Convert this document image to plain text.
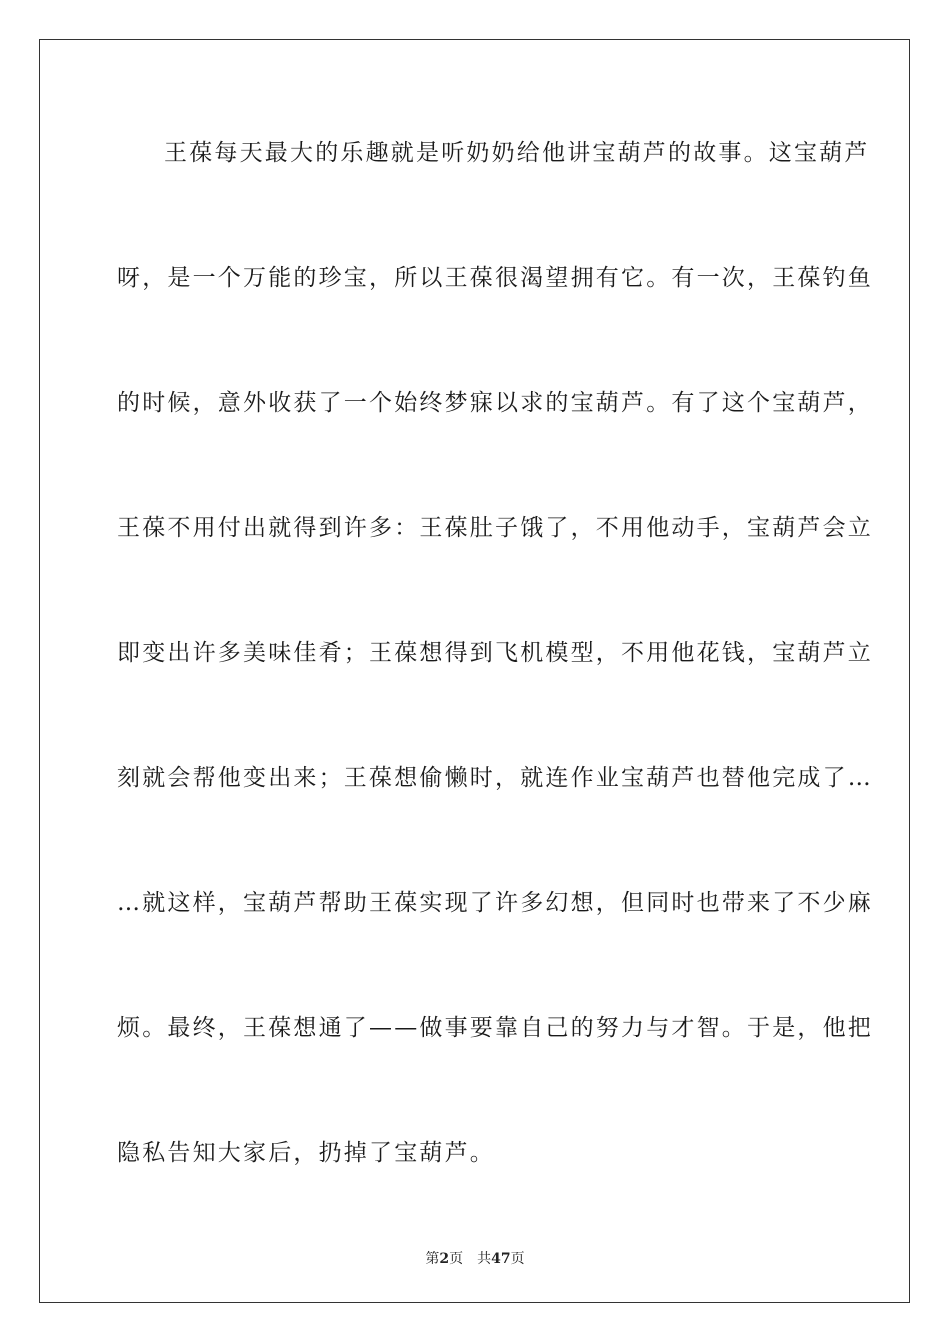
王葆每天最大的乐趣就是听奶奶给他讲宝葫芦的故事。这宝葫芦
呀，是一个万能的珍宝，所以王葆很渴望拥有它。有一次，王葆钓鱼
的时候，意外收获了一个始终梦寐以求的宝葫芦。有了这个宝葫芦，
王葆不用付出就得到许多：王葆肚子饿了，不用他动手，宝葫芦会立
即变出许多美味佳肴；王葆想得到飞机模型，不用他花钱，宝葫芦立
刻就会帮他变出来；王葆想偷懒时，就连作业宝葫芦也替他完成了…
…就这样，宝葫芦帮助王葆实现了许多幻想，但同时也带来了不少麻
烦。最终，王葆想通了——做事要靠自己的努力与才智。于是，他把
隐私告知大家后，扔掉了宝葫芦。
第2页 共47页
